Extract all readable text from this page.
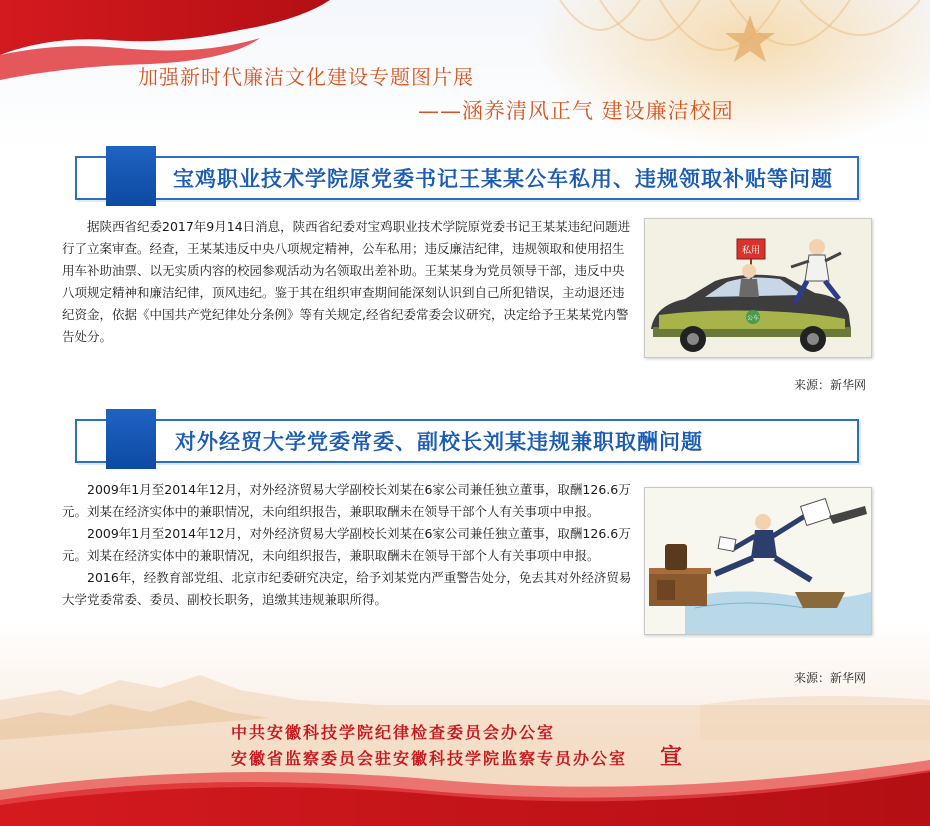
加强新时代廉洁文化建设专题图片展
——涵养清风正气 建设廉洁校园
宝鸡职业技术学院原党委书记王某某公车私用、违规领取补贴等问题

据陕西省纪委2017年9月14日消息，陕西省纪委对宝鸡职业技术学院原党委书记王某某违纪问题进行了立案审查。经查，王某某违反中央八项规定精神，公车私用；违反廉洁纪律，违规领取和使用招生用车补助油票、以无实质内容的校园参观活动为名领取出差补助。王某某身为党员领导干部，违反中央八项规定精神和廉洁纪律，顶风违纪。鉴于其在组织审查期间能深刻认识到自己所犯错误，主动退还违纪资金，依据《中国共产党纪律处分条例》等有关规定,经省纪委常委会议研究，决定给予王某某党内警告处分。

公车
私用
来源：新华网
对外经贸大学党委常委、副校长刘某违规兼职取酬问题

2009年1月至2014年12月，对外经济贸易大学副校长刘某在6家公司兼任独立董事，取酬126.6万元。刘某在经济实体中的兼职情况，未向组织报告，兼职取酬未在领导干部个人有关事项中申报。

2009年1月至2014年12月，对外经济贸易大学副校长刘某在6家公司兼任独立董事，取酬126.6万元。刘某在经济实体中的兼职情况，未向组织报告，兼职取酬未在领导干部个人有关事项中申报。

2016年，经教育部党组、北京市纪委研究决定，给予刘某党内严重警告处分，免去其对外经济贸易大学党委常委、委员、副校长职务，追缴其违规兼职所得。

来源：新华网
中共安徽科技学院纪律检查委员会办公室
安徽省监察委员会驻安徽科技学院监察专员办公室 宣
